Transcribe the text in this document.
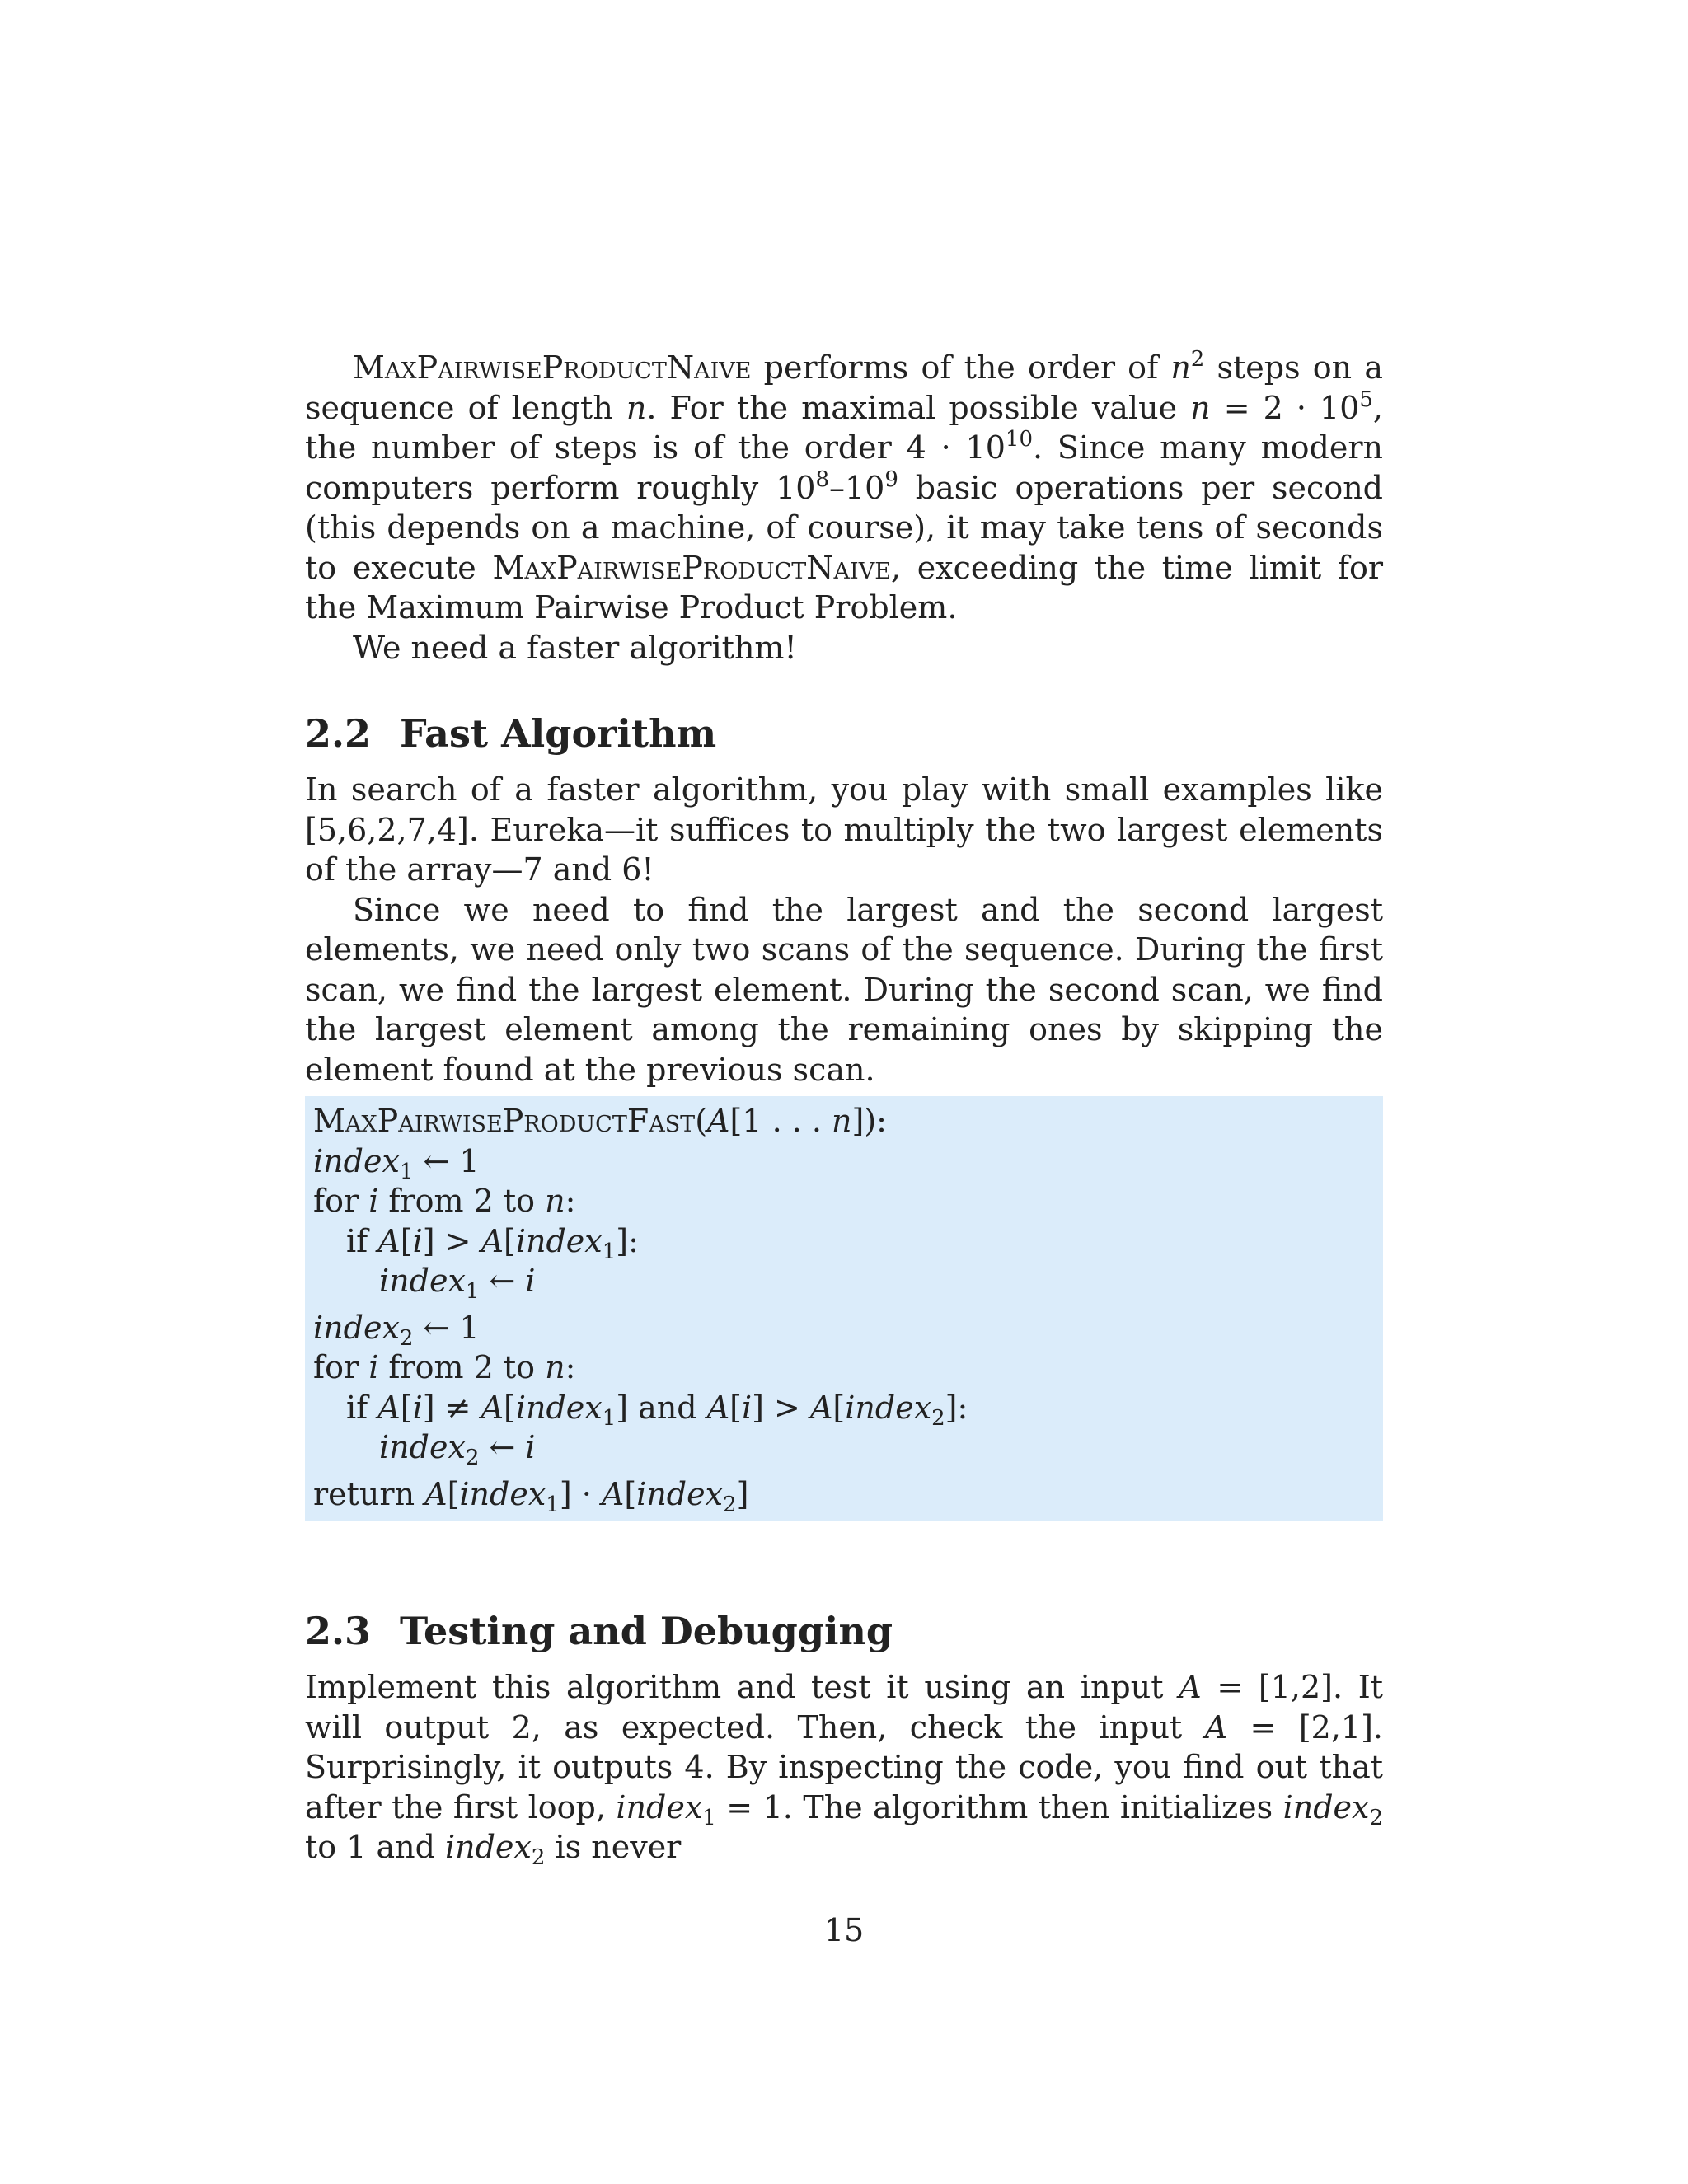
MaxPairwiseProductNaive performs of the order of $n^2$ steps on a sequence of length n. For the maximal possible value $n = 2 \cdot 10^5$, the number of steps is of the order $4 \cdot 10^{10}$. Since many modern computers perform roughly $10^8-10^9$ basic operations per second (this depends on a machine, of course), it may take tens of seconds to execute MaxPairwiseProductNaive, exceeding the time limit for the Maximum Pairwise Product Problem.

We need a faster algorithm!

2.2 Fast Algorithm

In search of a faster algorithm, you play with small examples like [5,6,2,7,4]. Eureka—it suffices to multiply the two largest elements of the array—7 and 6!

Since we need to find the largest and the second largest elements, we need only two scans of the sequence. During the first scan, we find the largest element. During the second scan, we find the largest element among the remaining ones by skipping the element found at the previous scan.

MaxPairwiseProductFast(A[1 . . . n]):
index$_1$ ← 1
for i from 2 to n:
if A[i] > A[index$_1$]:
index$_1$ ← i
index$_2$ ← 1
for i from 2 to n:
if A[i] ≠ A[index$_1$] and A[i] > A[index$_2$]:
index$_2$ ← i
return A[index$_1$] · A[index$_2$]
2.3 Testing and Debugging

Implement this algorithm and test it using an input A = [1,2]. It will output 2, as expected. Then, check the input A = [2,1]. Surprisingly, it outputs 4. By inspecting the code, you find out that after the first loop, index$_1$ = 1. The algorithm then initializes index$_2$ to 1 and index$_2$ is never

15
